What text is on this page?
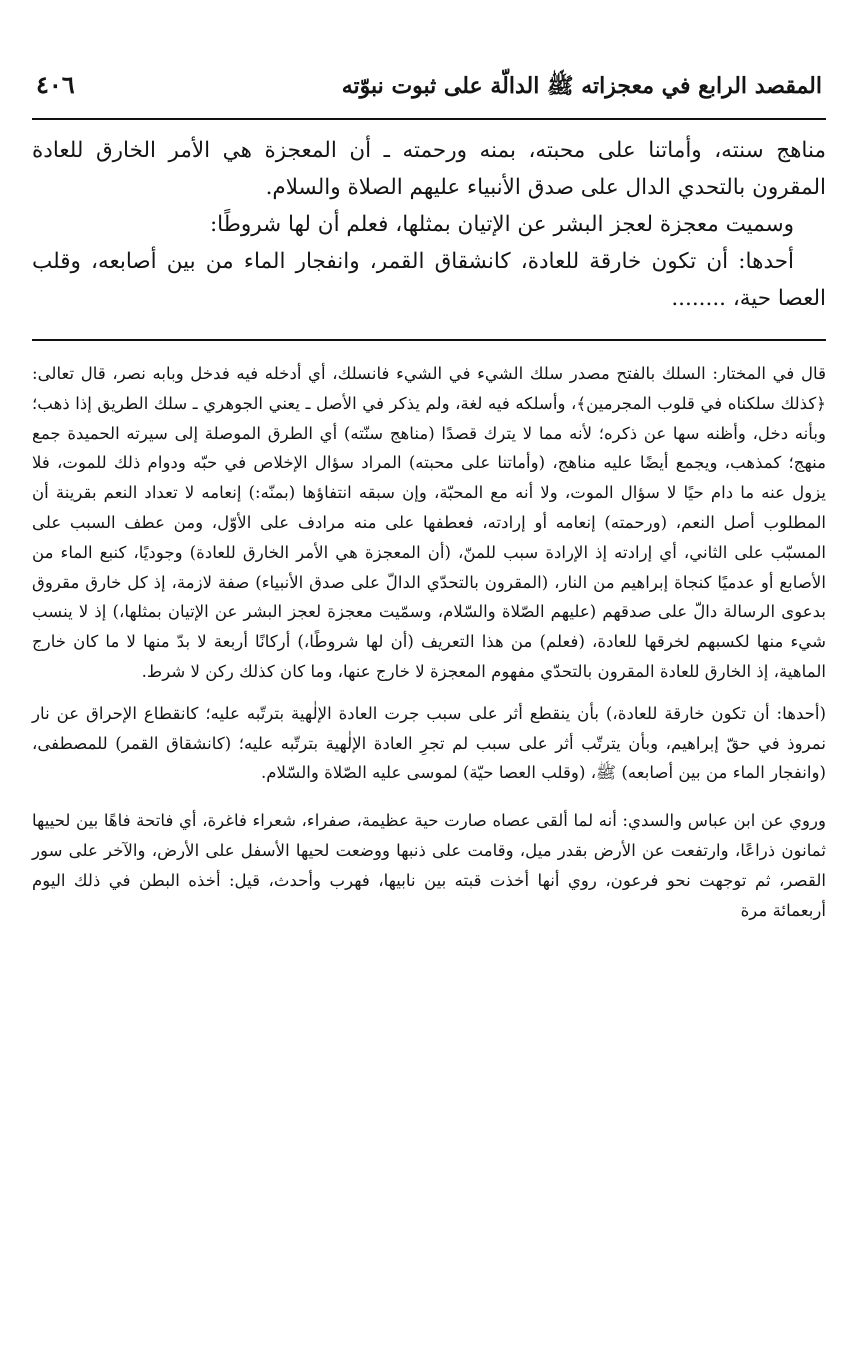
المقصد الرابع في معجزاته ﷺ الدالّة على ثبوت نبوّته
٤٠٦

مناهج سنته، وأماتنا على محبته، بمنه ورحمته ـ أن المعجزة هي الأمر الخارق للعادة المقرون بالتحدي الدال على صدق الأنبياء عليهم الصلاة والسلام.

وسميت معجزة لعجز البشر عن الإتيان بمثلها، فعلم أن لها شروطًا:

أحدها: أن تكون خارقة للعادة، كانشقاق القمر، وانفجار الماء من بين أصابعه، وقلب العصا حية، ........

قال في المختار: السلك بالفتح مصدر سلك الشيء في الشيء فانسلك، أي أدخله فيه فدخل وبابه نصر، قال تعالى: ﴿كذلك سلكناه في قلوب المجرمين﴾، وأسلكه فيه لغة، ولم يذكر في الأصل ـ يعني الجوهري ـ سلك الطريق إذا ذهب؛ وبأنه دخل، وأظنه سها عن ذكره؛ لأنه مما لا يترك قصدًا (مناهج سنّته) أي الطرق الموصلة إلى سيرته الحميدة جمع منهج؛ كمذهب، ويجمع أيضًا عليه مناهج، (وأماتنا على محبته) المراد سؤال الإخلاص في حبّه ودوام ذلك للموت، فلا يزول عنه ما دام حيًا لا سؤال الموت، ولا أنه مع المحبّة، وإن سبقه انتفاؤها (بمنّه:) إنعامه لا تعداد النعم بقرينة أن المطلوب أصل النعم، (ورحمته) إنعامه أو إرادته، فعطفها على منه مرادف على الأوّل، ومن عطف السبب على المسبّب على الثاني، أي إرادته إذ الإرادة سبب للمنّ، (أن المعجزة هي الأمر الخارق للعادة) وجوديًا، كنبع الماء من الأصابع أو عدميًا كنجاة إبراهيم من النار، (المقرون بالتحدّي الدالّ على صدق الأنبياء) صفة لازمة، إذ كل خارق مقروق بدعوى الرسالة دالّ على صدقهم (عليهم الصّلاة والسّلام، وسمّيت معجزة لعجز البشر عن الإتيان بمثلها،) إذ لا ينسب شيء منها لكسبهم لخرقها للعادة، (فعلم) من هذا التعريف (أن لها شروطًا،) أركانًا أربعة لا بدّ منها لا ما كان خارج الماهية، إذ الخارق للعادة المقرون بالتحدّي مفهوم المعجزة لا خارج عنها، وما كان كذلك ركن لا شرط.

(أحدها: أن تكون خارقة للعادة،) بأن ينقطع أثر على سبب جرت العادة الإلٰهية بترتّبه عليه؛ كانقطاع الإحراق عن نار نمروذ في حقّ إبراهيم، وبأن يترتّب أثر على سبب لم تجرِ العادة الإلٰهية بترتّبه عليه؛ (كانشقاق القمر) للمصطفى، (وانفجار الماء من بين أصابعه) ﷺ، (وقلب العصا حيّة) لموسى عليه الصّلاة والسّلام.

وروي عن ابن عباس والسدي: أنه لما ألقى عصاه صارت حية عظيمة، صفراء، شعراء فاغرة، أي فاتحة فاهًا بين لحييها ثمانون ذراعًا، وارتفعت عن الأرض بقدر ميل، وقامت على ذنبها ووضعت لحيها الأسفل على الأرض، والآخر على سور القصر، ثم توجهت نحو فرعون، روي أنها أخذت قبته بين نابيها، فهرب وأحدث، قيل: أخذه البطن في ذلك اليوم أربعمائة مرة
